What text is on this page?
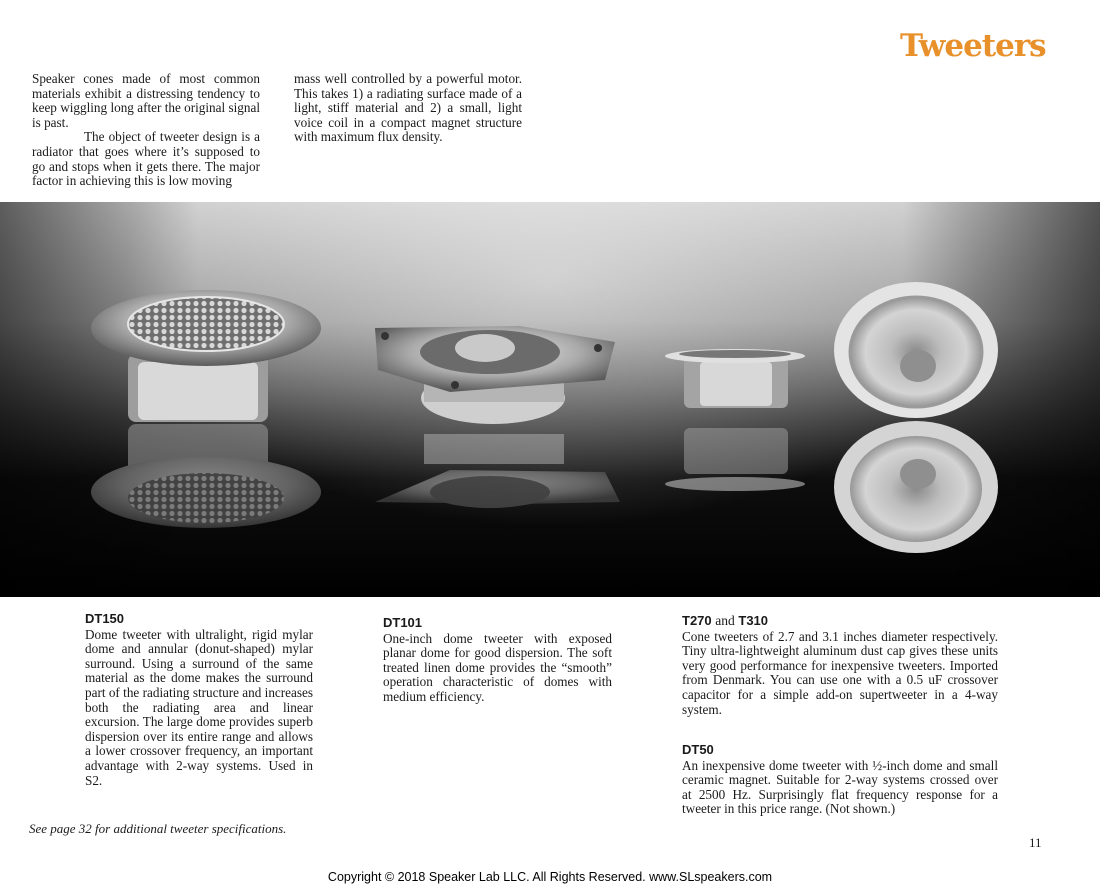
Tweeters

Speaker cones made of most common materials exhibit a distressing tendency to keep wiggling long after the original signal is past.

The object of tweeter design is a radiator that goes where it’s supposed to go and stops when it gets there. The major factor in achieving this is low moving

mass well controlled by a powerful motor. This takes 1) a radiating surface made of a light, stiff material and 2) a small, light voice coil in a compact magnet structure with maximum flux density.

DT150

Dome tweeter with ultralight, rigid mylar dome and annular (donut-shaped) mylar surround. Using a surround of the same material as the dome makes the surround part of the radiating structure and increases both the radiating area and linear excursion. The large dome provides superb dispersion over its entire range and allows a lower crossover frequency, an important advantage with 2-way systems. Used in S2.

DT101

One-inch dome tweeter with exposed planar dome for good dispersion. The soft treated linen dome provides the “smooth” operation characteristic of domes with medium efficiency.

T270 and T310

Cone tweeters of 2.7 and 3.1 inches diameter respectively. Tiny ultra-lightweight aluminum dust cap gives these units very good performance for inexpensive tweeters. Imported from Denmark. You can use one with a 0.5 uF crossover capacitor for a simple add-on supertweeter in a 4-way system.

DT50

An inexpensive dome tweeter with ½-inch dome and small ceramic magnet. Suitable for 2-way systems crossed over at 2500 Hz. Surprisingly flat frequency response for a tweeter in this price range. (Not shown.)

See page 32 for additional tweeter specifications.
11
Copyright © 2018 Speaker Lab LLC. All Rights Reserved. www.SLspeakers.com
